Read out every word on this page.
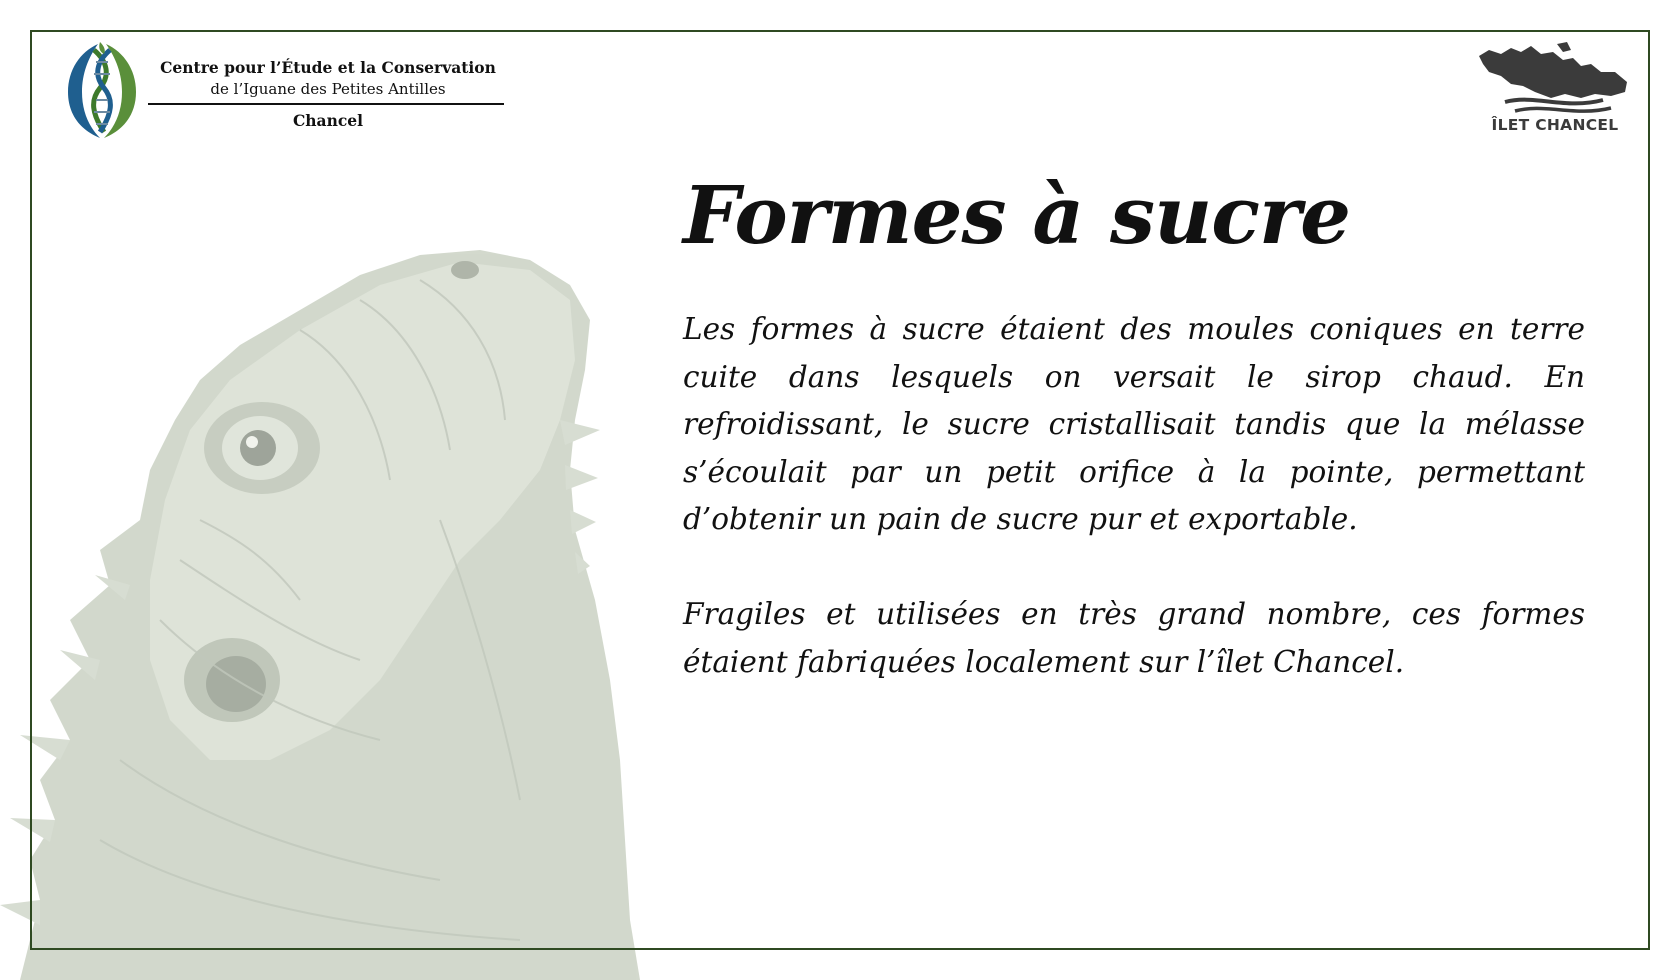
Centre pour l’Étude et la Conservation
de l’Iguane des Petites Antilles
Chancel	ÎLET CHANCEL
Formes à sucre

Les formes à sucre étaient des moules coniques en terre cuite dans lesquels on versait le sirop chaud. En refroidissant, le sucre cristallisait tandis que la mélasse s’écoulait par un petit orifice à la pointe, permettant d’obtenir un pain de sucre pur et exportable.

Fragiles et utilisées en très grand nombre, ces formes étaient fabriquées localement sur l’îlet Chancel.
